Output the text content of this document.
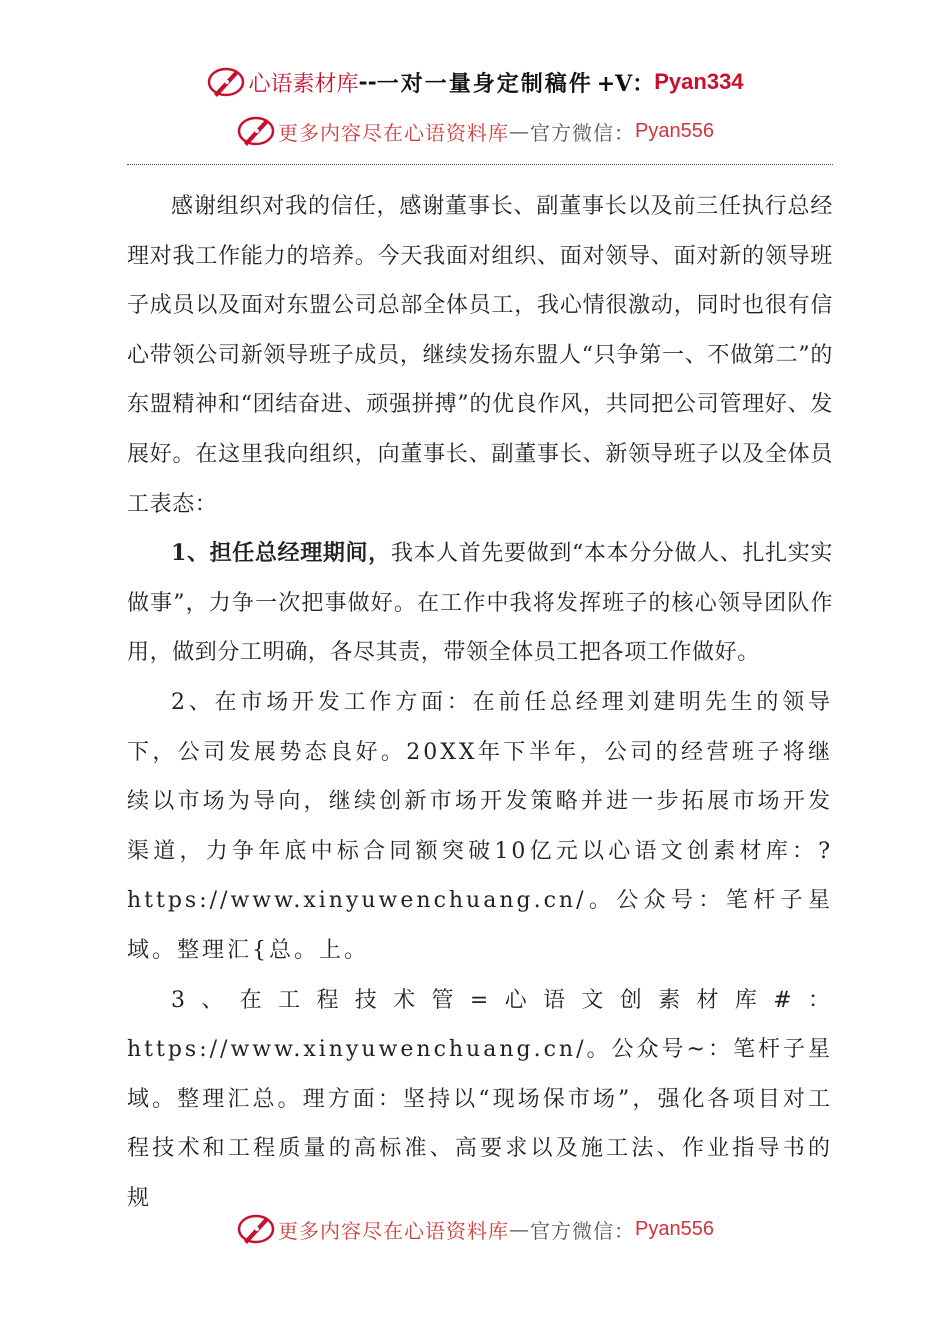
心语素材库 -- 一对一量身定制稿件 +V： Pyan334
更多内容尽在心语资料库 — 官方微信： Pyan556

感谢组织对我的信任，感谢董事长、副董事长以及前三任执行总经理对我工作能力的培养。今天我面对组织、面对领导、面对新的领导班子成员以及面对东盟公司总部全体员工，我心情很激动，同时也很有信心带领公司新领导班子成员，继续发扬东盟人“只争第一、不做第二”的东盟精神和“团结奋进、顽强拼搏”的优良作风，共同把公司管理好、发展好。在这里我向组织，向董事长、副董事长、新领导班子以及全体员工表态：

1、担任总经理期间，我本人首先要做到“本本分分做人、扎扎实实做事”，力争一次把事做好。在工作中我将发挥班子的核心领导团队作用，做到分工明确，各尽其责，带领全体员工把各项工作做好。

2、在市场开发工作方面：在前任总经理刘建明先生的领导下，公司发展势态良好。20XX年下半年，公司的经营班子将继续以市场为导向，继续创新市场开发策略并进一步拓展市场开发渠道，力争年底中标合同额突破10亿元以心语文创素材库：?https://www.xinyuwenchuang.cn/。公众号：笔杆子星域。整理汇{总。上。

3、在工程技术管=心语文创素材库#：https://www.xinyuwenchuang.cn/。公众号~：笔杆子星域。整理汇总。理方面：坚持以“现场保市场”，强化各项目对工程技术和工程质量的高标准、高要求以及施工法、作业指导书的规

更多内容尽在心语资料库 — 官方微信： Pyan556
